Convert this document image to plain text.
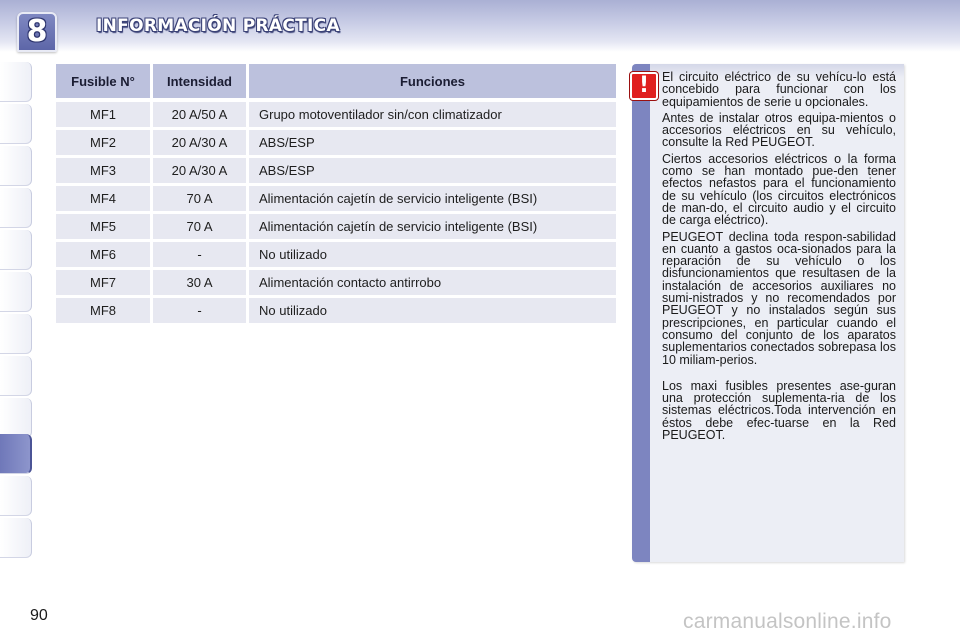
8	INFORMACIÓN PRÁCTICA
Fusible N°	Intensidad	Funciones
MF1	20 A/50 A	Grupo motoventilador sin/con climatizador
MF2	20 A/30 A	ABS/ESP
MF3	20 A/30 A	ABS/ESP
MF4	70 A	Alimentación cajetín de servicio inteligente (BSI)
MF5	70 A	Alimentación cajetín de servicio inteligente (BSI)
MF6	-	No utilizado
MF7	30 A	Alimentación contacto antirrobo
MF8	-	No utilizado
! El circuito eléctrico de su vehícu-lo está concebido para funcionar con los equipamientos de serie u opcionales.

Antes de instalar otros equipa-mientos o accesorios eléctricos en su vehículo, consulte la Red PEUGEOT.

Ciertos accesorios eléctricos o la forma como se han montado pue-den tener efectos nefastos para el funcionamiento de su vehículo (los circuitos electrónicos de man-do, el circuito audio y el circuito de carga eléctrico).

PEUGEOT declina toda respon-sabilidad en cuanto a gastos oca-sionados para la reparación de su vehículo o los disfuncionamientos que resultasen de la instalación de accesorios auxiliares no sumi-nistrados y no recomendados por PEUGEOT y no instalados según sus prescripciones, en particular cuando el consumo del conjunto de los aparatos suplementarios conectados sobrepasa los 10 miliam-perios.

Los maxi fusibles presentes ase-guran una protección suplementa-ria de los sistemas eléctricos.Toda intervención en éstos debe efec-tuarse en la Red PEUGEOT.

90	carmanualsonline.info
